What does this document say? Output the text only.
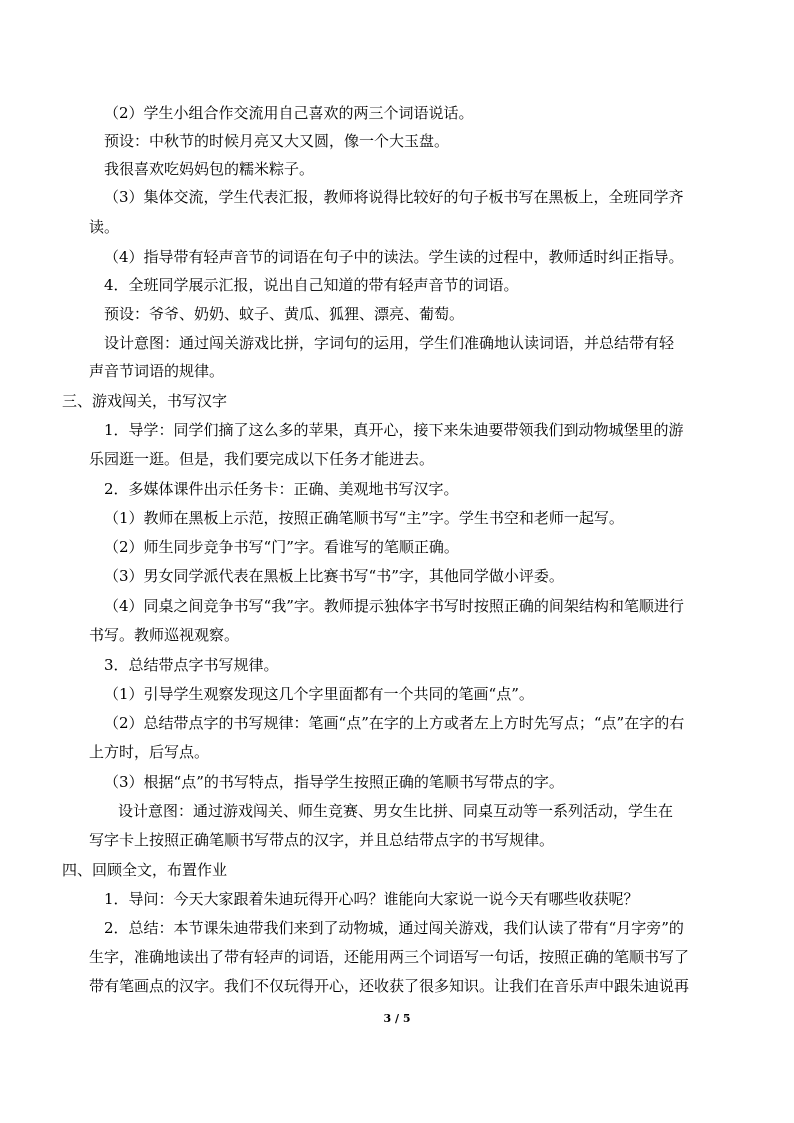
（2）学生小组合作交流用自己喜欢的两三个词语说话。
预设：中秋节的时候月亮又大又圆，像一个大玉盘。
我很喜欢吃妈妈包的糯米粽子。
（3）集体交流，学生代表汇报，教师将说得比较好的句子板书写在黑板上，全班同学齐
读。
（4）指导带有轻声音节的词语在句子中的读法。学生读的过程中，教师适时纠正指导。
4．全班同学展示汇报，说出自己知道的带有轻声音节的词语。
预设：爷爷、奶奶、蚊子、黄瓜、狐狸、漂亮、葡萄。
设计意图：通过闯关游戏比拼，字词句的运用，学生们准确地认读词语，并总结带有轻
声音节词语的规律。
三、游戏闯关，书写汉字
1．导学：同学们摘了这么多的苹果，真开心，接下来朱迪要带领我们到动物城堡里的游
乐园逛一逛。但是，我们要完成以下任务才能进去。
2．多媒体课件出示任务卡：正确、美观地书写汉字。
（1）教师在黑板上示范，按照正确笔顺书写“主”字。学生书空和老师一起写。
（2）师生同步竞争书写“门”字。看谁写的笔顺正确。
（3）男女同学派代表在黑板上比赛书写“书”字，其他同学做小评委。
（4）同桌之间竞争书写“我”字。教师提示独体字书写时按照正确的间架结构和笔顺进行
书写。教师巡视观察。
3．总结带点字书写规律。
（1）引导学生观察发现这几个字里面都有一个共同的笔画“点”。
（2）总结带点字的书写规律：笔画“点”在字的上方或者左上方时先写点；“点”在字的右
上方时，后写点。
（3）根据“点”的书写特点，指导学生按照正确的笔顺书写带点的字。
设计意图：通过游戏闯关、师生竞赛、男女生比拼、同桌互动等一系列活动，学生在
写字卡上按照正确笔顺书写带点的汉字，并且总结带点字的书写规律。
四、回顾全文，布置作业
1．导问：今天大家跟着朱迪玩得开心吗？谁能向大家说一说今天有哪些收获呢？
2．总结：本节课朱迪带我们来到了动物城，通过闯关游戏，我们认读了带有“月字旁”的
生字，准确地读出了带有轻声的词语，还能用两三个词语写一句话，按照正确的笔顺书写了
带有笔画点的汉字。我们不仅玩得开心，还收获了很多知识。让我们在音乐声中跟朱迪说再
3 / 5
